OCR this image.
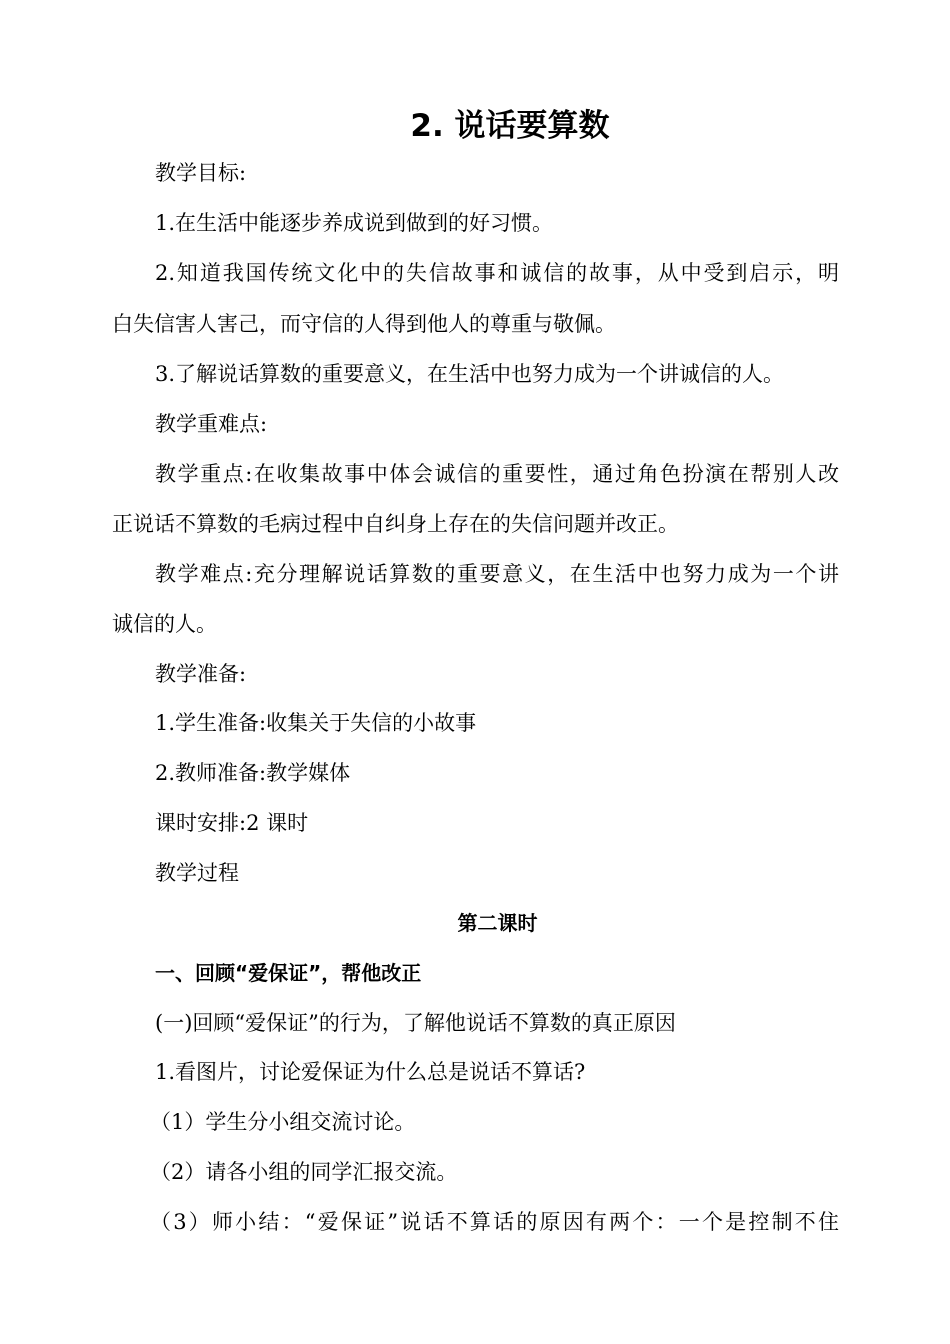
2. 说话要算数
教学目标:
1.在生活中能逐步养成说到做到的好习惯。
2.知道我国传统文化中的失信故事和诚信的故事，从中受到启示，明
白失信害人害己，而守信的人得到他人的尊重与敬佩。
3.了解说话算数的重要意义，在生活中也努力成为一个讲诚信的人。
教学重难点:
教学重点:在收集故事中体会诚信的重要性，通过角色扮演在帮别人改
正说话不算数的毛病过程中自纠身上存在的失信问题并改正。
教学难点:充分理解说话算数的重要意义，在生活中也努力成为一个讲
诚信的人。
教学准备:
1.学生准备:收集关于失信的小故事
2.教师准备:教学媒体
课时安排:2 课时
教学过程
第二课时
一、回顾“爱保证”，帮他改正
(一)回顾“爱保证”的行为，了解他说话不算数的真正原因
1.看图片，讨论爱保证为什么总是说话不算话?
（1）学生分小组交流讨论。
（2）请各小组的同学汇报交流。
（3）师小结：“爱保证”说话不算话的原因有两个：一个是控制不住
